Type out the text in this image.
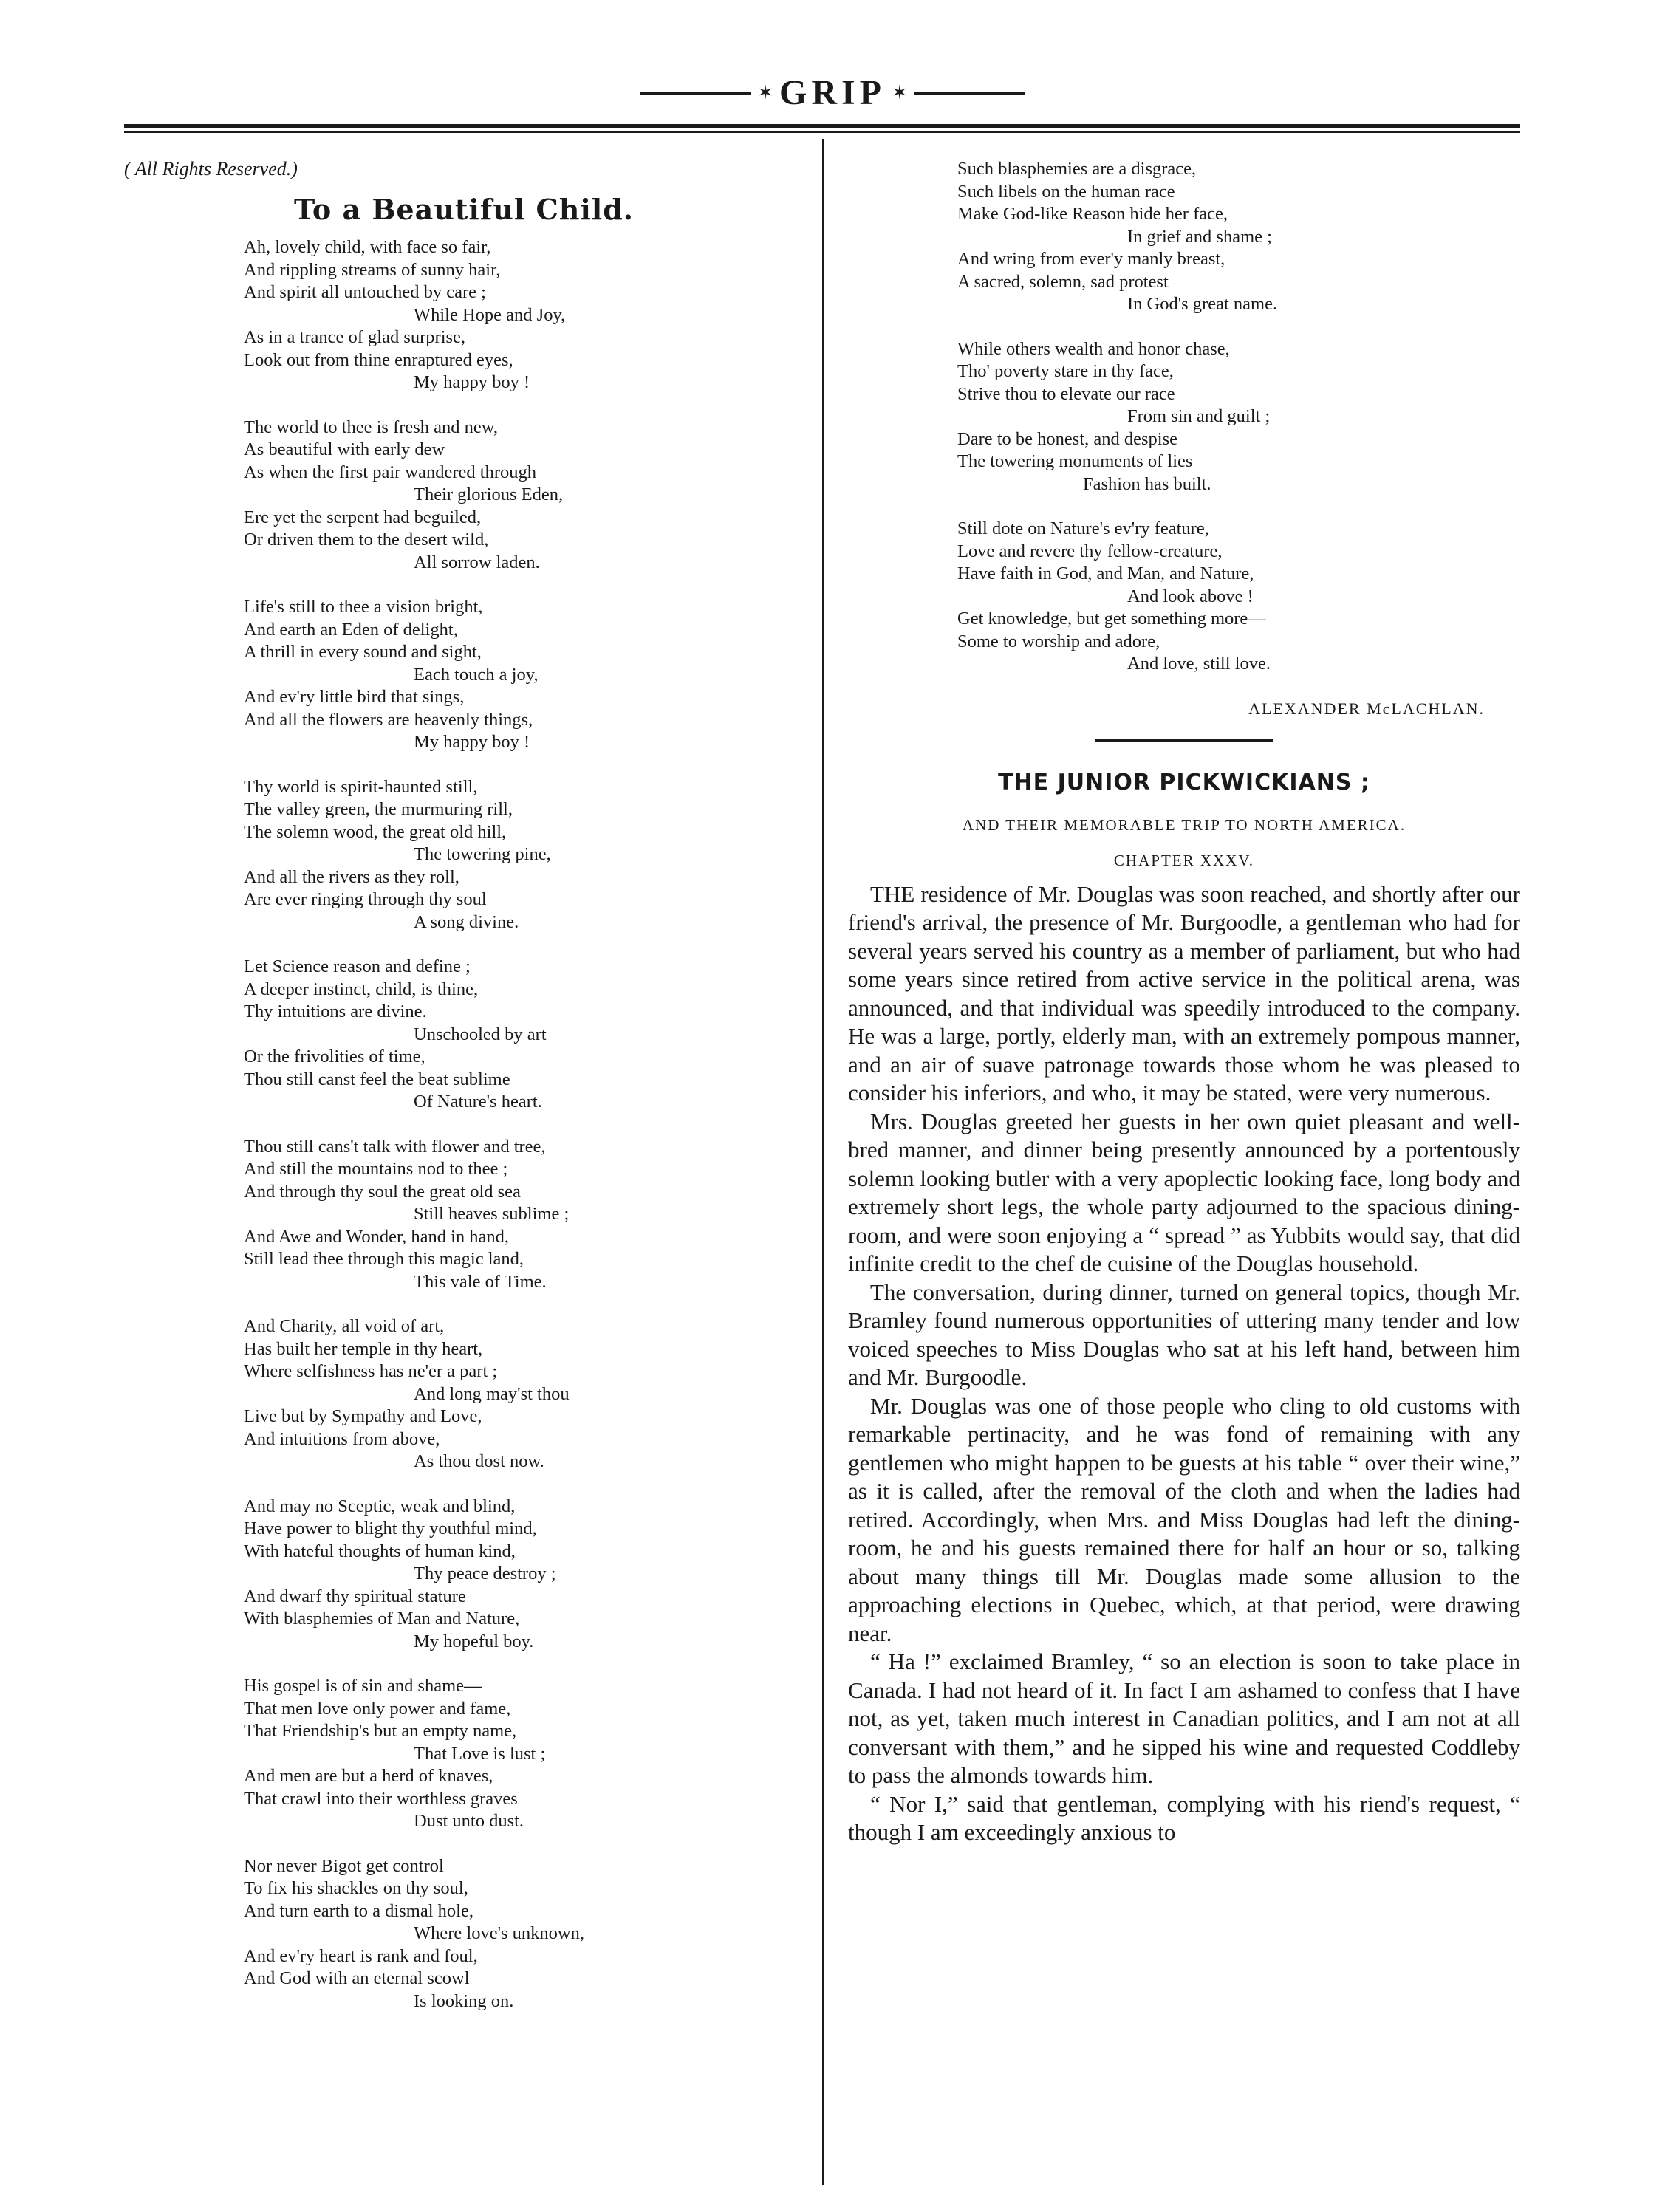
✶ GRIP ✶
( All Rights Reserved.)
To a Beautiful Child.
Ah, lovely child, with face so fair,
And rippling streams of sunny hair,
And spirit all untouched by care ;
While Hope and Joy,
As in a trance of glad surprise,
Look out from thine enraptured eyes,
My happy boy !
The world to thee is fresh and new,
As beautiful with early dew
As when the first pair wandered through
Their glorious Eden,
Ere yet the serpent had beguiled,
Or driven them to the desert wild,
All sorrow laden.
Life's still to thee a vision bright,
And earth an Eden of delight,
A thrill in every sound and sight,
Each touch a joy,
And ev'ry little bird that sings,
And all the flowers are heavenly things,
My happy boy !
Thy world is spirit-haunted still,
The valley green, the murmuring rill,
The solemn wood, the great old hill,
The towering pine,
And all the rivers as they roll,
Are ever ringing through thy soul
A song divine.
Let Science reason and define ;
A deeper instinct, child, is thine,
Thy intuitions are divine.
Unschooled by art
Or the frivolities of time,
Thou still canst feel the beat sublime
Of Nature's heart.
Thou still cans't talk with flower and tree,
And still the mountains nod to thee ;
And through thy soul the great old sea
Still heaves sublime ;
And Awe and Wonder, hand in hand,
Still lead thee through this magic land,
This vale of Time.
And Charity, all void of art,
Has built her temple in thy heart,
Where selfishness has ne'er a part ;
And long may'st thou
Live but by Sympathy and Love,
And intuitions from above,
As thou dost now.
And may no Sceptic, weak and blind,
Have power to blight thy youthful mind,
With hateful thoughts of human kind,
Thy peace destroy ;
And dwarf thy spiritual stature
With blasphemies of Man and Nature,
My hopeful boy.
His gospel is of sin and shame—
That men love only power and fame,
That Friendship's but an empty name,
That Love is lust ;
And men are but a herd of knaves,
That crawl into their worthless graves
Dust unto dust.
Nor never Bigot get control
To fix his shackles on thy soul,
And turn earth to a dismal hole,
Where love's unknown,
And ev'ry heart is rank and foul,
And God with an eternal scowl
Is looking on.
Such blasphemies are a disgrace,
Such libels on the human race
Make God-like Reason hide her face,
In grief and shame ;
And wring from ever'y manly breast,
A sacred, solemn, sad protest
In God's great name.
While others wealth and honor chase,
Tho' poverty stare in thy face,
Strive thou to elevate our race
From sin and guilt ;
Dare to be honest, and despise
The towering monuments of lies
Fashion has built.
Still dote on Nature's ev'ry feature,
Love and revere thy fellow-creature,
Have faith in God, and Man, and Nature,
And look above !
Get knowledge, but get something more—
Some to worship and adore,
And love, still love.
ALEXANDER McLACHLAN.
THE JUNIOR PICKWICKIANS ;
AND THEIR MEMORABLE TRIP TO NORTH AMERICA.
CHAPTER XXXV.

THE residence of Mr. Douglas was soon reached, and shortly after our friend's arrival, the presence of Mr. Burgoodle, a gentleman who had for several years served his country as a member of parliament, but who had some years since retired from active service in the political arena, was announced, and that individual was speedily introduced to the company. He was a large, portly, elderly man, with an extremely pompous manner, and an air of suave patronage towards those whom he was pleased to consider his inferiors, and who, it may be stated, were very numerous.

Mrs. Douglas greeted her guests in her own quiet pleasant and well-bred manner, and dinner being presently announced by a portentously solemn looking butler with a very apoplectic looking face, long body and extremely short legs, the whole party adjourned to the spacious dining-room, and were soon enjoying a “ spread ” as Yubbits would say, that did infinite credit to the chef de cuisine of the Douglas household.

The conversation, during dinner, turned on general topics, though Mr. Bramley found numerous opportunities of uttering many tender and low voiced speeches to Miss Douglas who sat at his left hand, between him and Mr. Burgoodle.

Mr. Douglas was one of those people who cling to old customs with remarkable pertinacity, and he was fond of remaining with any gentlemen who might happen to be guests at his table “ over their wine,” as it is called, after the removal of the cloth and when the ladies had retired. Accordingly, when Mrs. and Miss Douglas had left the dining-room, he and his guests remained there for half an hour or so, talking about many things till Mr. Douglas made some allusion to the approaching elections in Quebec, which, at that period, were drawing near.

“ Ha !” exclaimed Bramley, “ so an election is soon to take place in Canada. I had not heard of it. In fact I am ashamed to confess that I have not, as yet, taken much interest in Canadian politics, and I am not at all conversant with them,” and he sipped his wine and requested Coddleby to pass the almonds towards him.

“ Nor I,” said that gentleman, complying with his riend's request, “ though I am exceedingly anxious to
